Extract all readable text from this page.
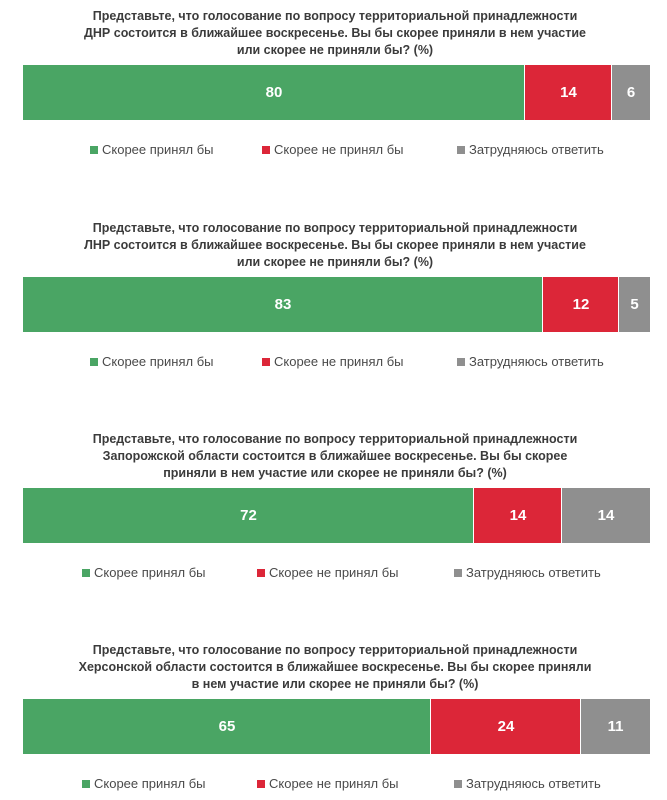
Представьте, что голосование по вопросу территориальной принадлежности
ДНР состоится в ближайшее воскресенье. Вы бы скорее приняли в нем участие
или скорее не приняли бы? (%)
80	14	6
Скорее принял бы	Скорее не принял бы	Затрудняюсь ответить
Представьте, что голосование по вопросу территориальной принадлежности
ЛНР состоится в ближайшее воскресенье. Вы бы скорее приняли в нем участие
или скорее не приняли бы? (%)
83	12	5
Скорее принял бы	Скорее не принял бы	Затрудняюсь ответить
Представьте, что голосование по вопросу территориальной принадлежности
Запорожской области состоится в ближайшее воскресенье. Вы бы скорее
приняли в нем участие или скорее не приняли бы? (%)
72	14	14
Скорее принял бы	Скорее не принял бы	Затрудняюсь ответить
Представьте, что голосование по вопросу территориальной принадлежности
Херсонской области состоится в ближайшее воскресенье. Вы бы скорее приняли
в нем участие или скорее не приняли бы? (%)
65	24	11
Скорее принял бы	Скорее не принял бы	Затрудняюсь ответить
